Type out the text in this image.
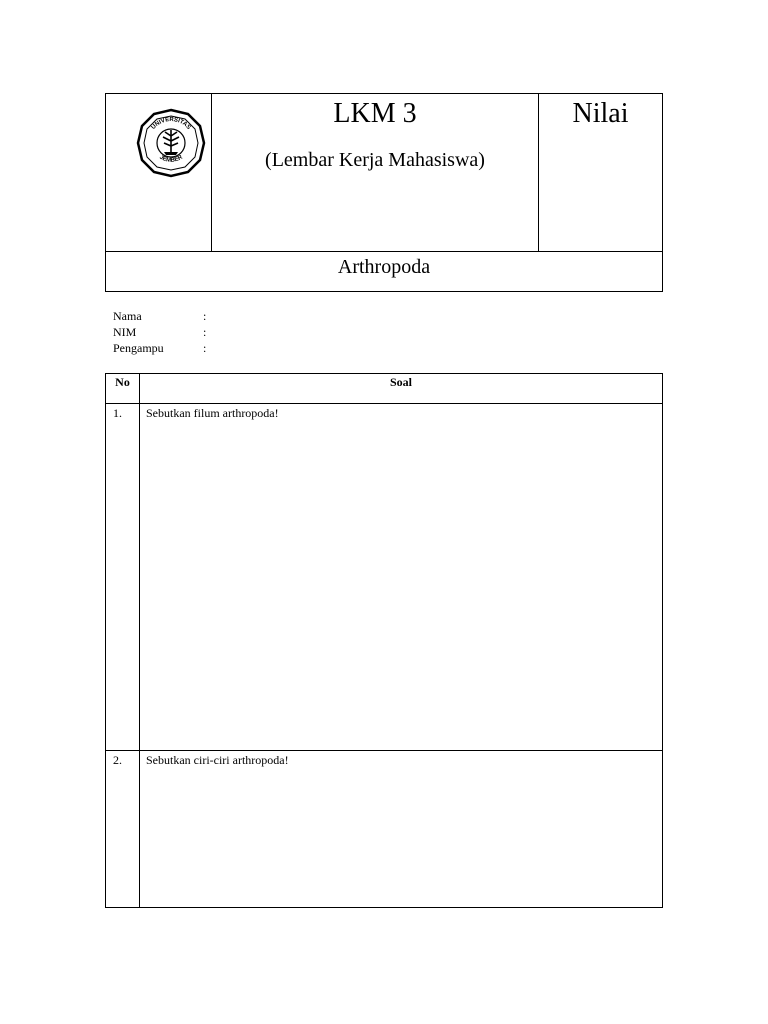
UNIVERSITAS
JEMBER
LKM 3
(Lembar Kerja Mahasiswa)
Nilai
Arthropoda
Nama	:
NIM	:
Pengampu	:
No	Soal
1. Sebutkan filum arthropoda!
2. Sebutkan ciri-ciri arthropoda!
